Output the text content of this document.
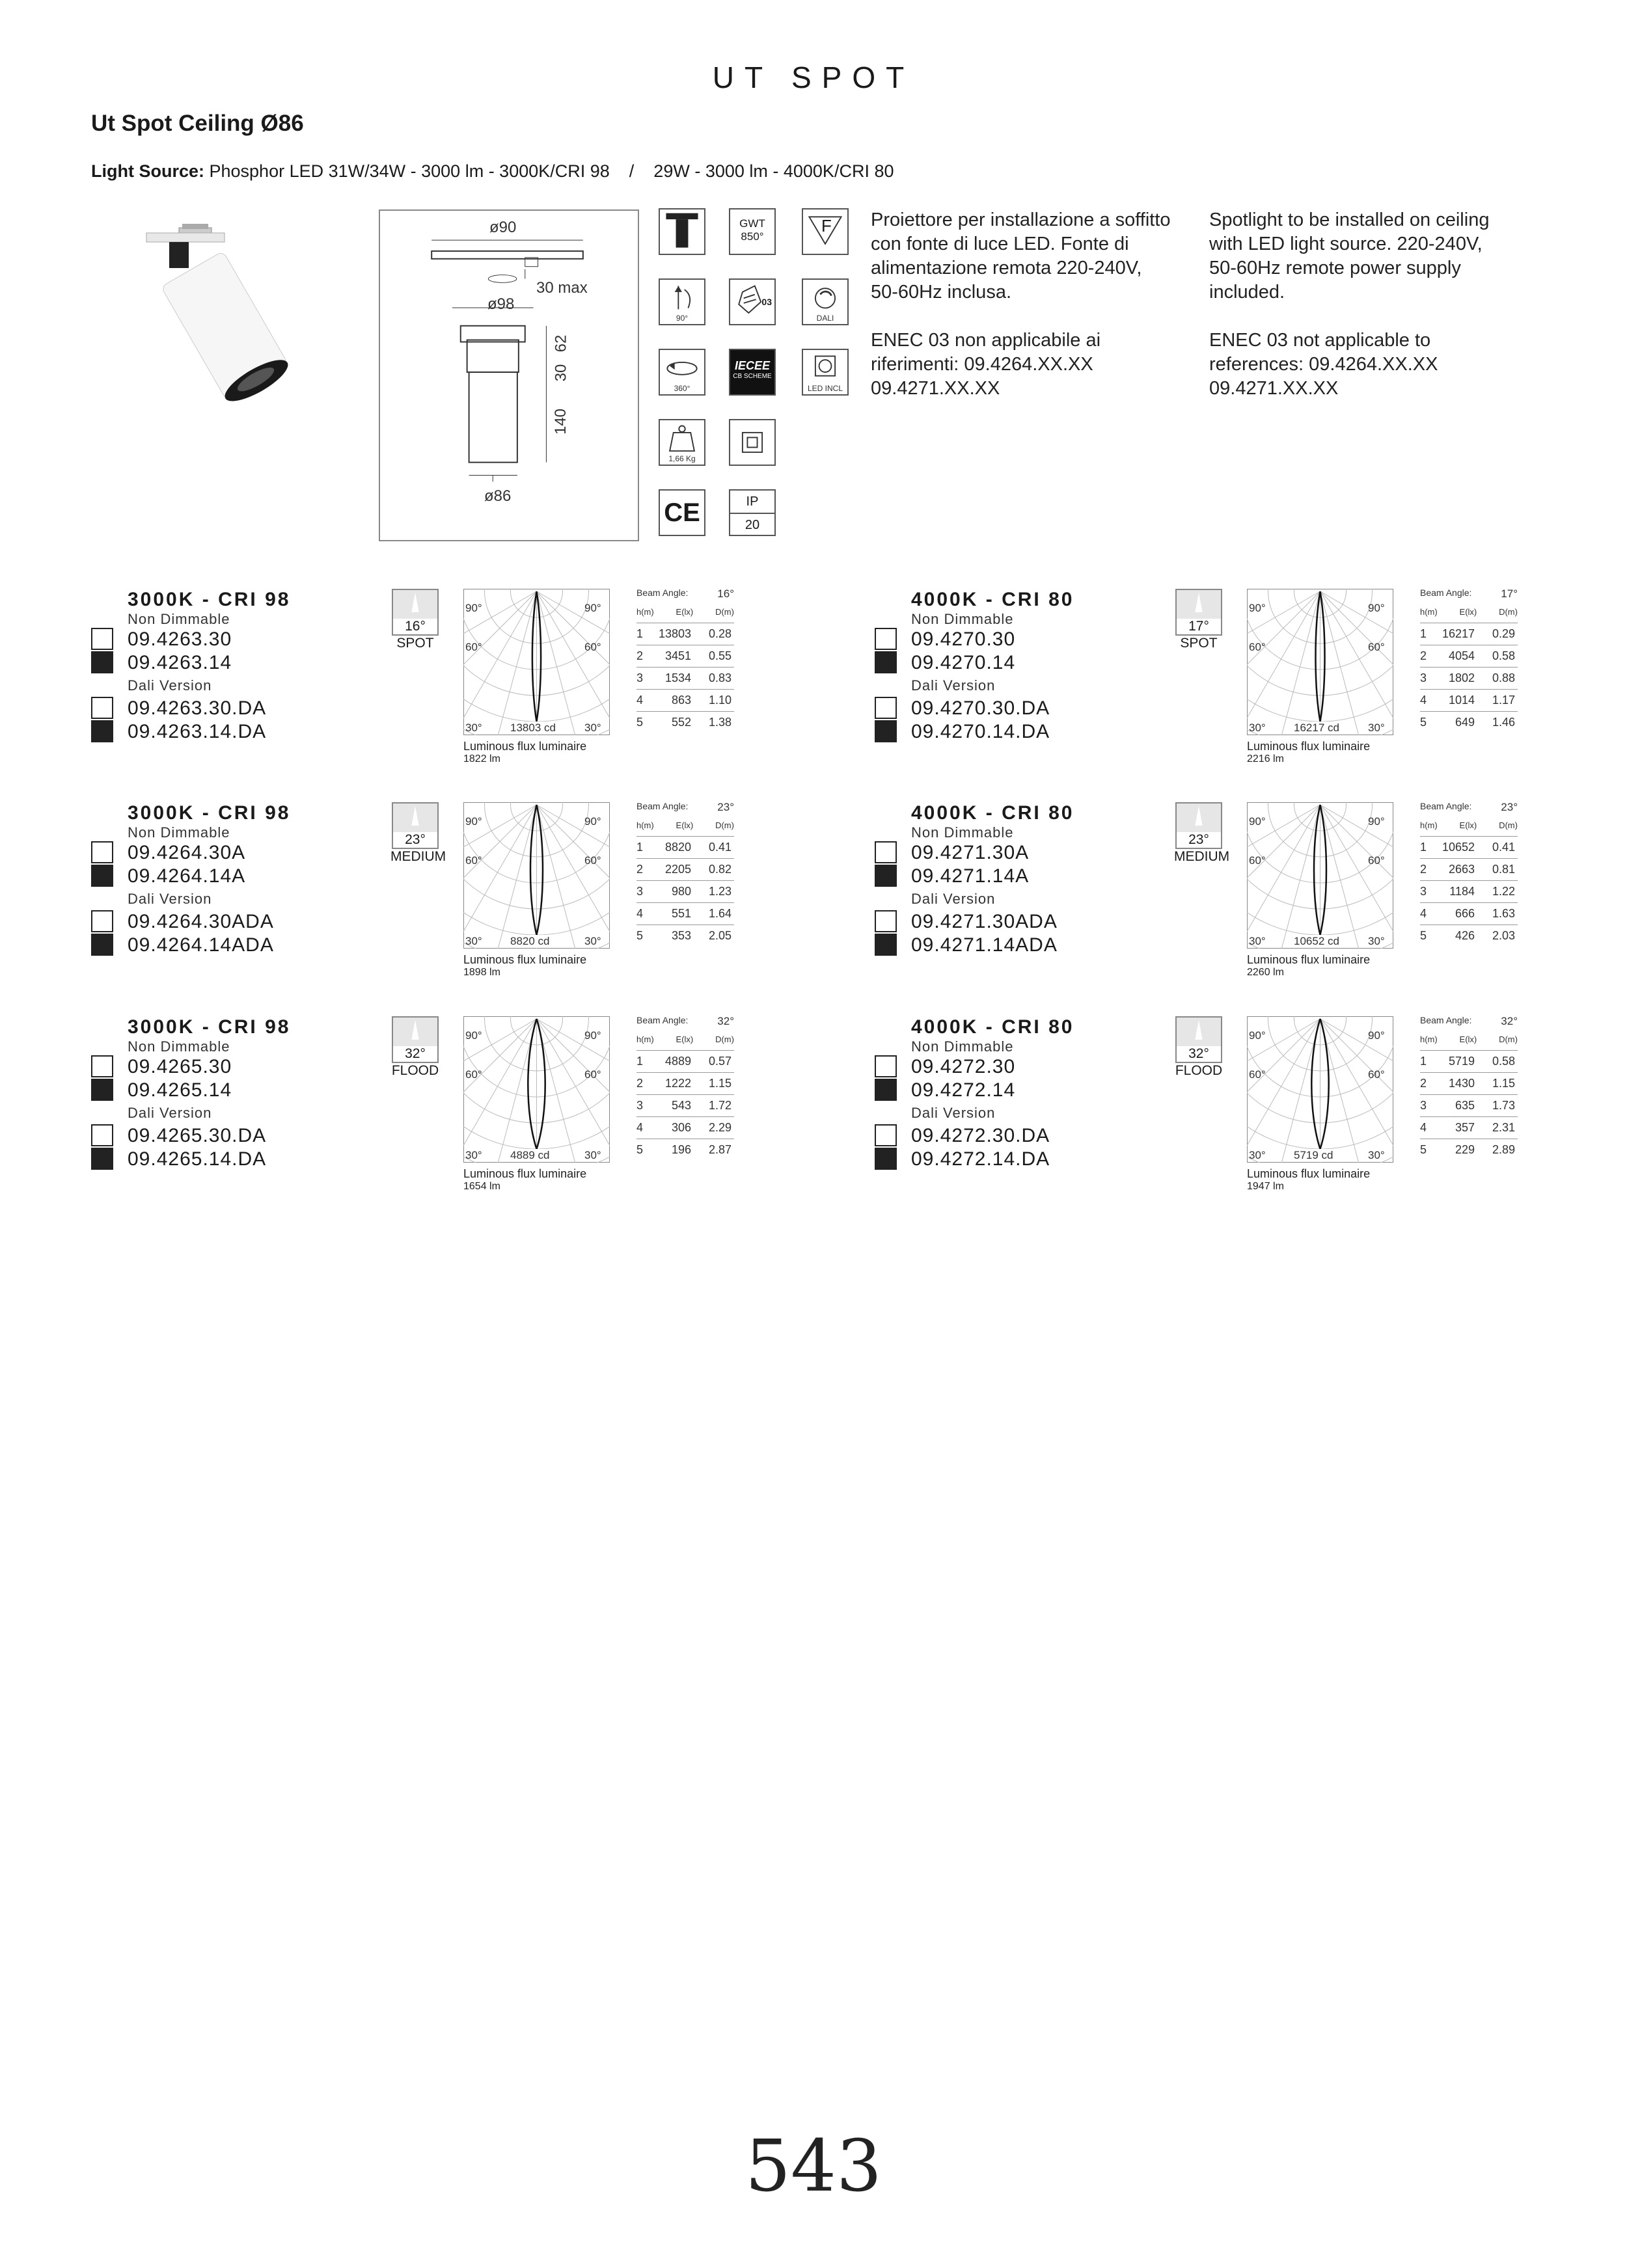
UT SPOT
Ut Spot Ceiling Ø86
Light Source: Phosphor LED 31W/34W - 3000 lm - 3000K/CRI 98    /    29W - 3000 lm - 4000K/CRI 80
ø90
30 max
ø98
30
62
140
ø86
GWT
850°
F
90°
03
DALI
360°
IECEE
CB SCHEME
LED INCL
1,66 Kg
CE	IP
20
Proiettore per installazione a soffitto
con fonte di luce LED. Fonte di
alimentazione remota 220-240V,
50-60Hz inclusa.
Spotlight to be installed on ceiling
with LED light source. 220-240V,
50-60Hz remote power supply
included.
ENEC 03 non applicabile ai
riferimenti: 09.4264.XX.XX
09.4271.XX.XX
ENEC 03 not applicable to
references: 09.4264.XX.XX
09.4271.XX.XX
3000K - CRI 98
Non Dimmable
09.4263.30
09.4263.14
Dali Version
09.4263.30.DA
09.4263.14.DA
16°
SPOT
90°	90°
60°	60°
30°	30°
13803 cd
Luminous flux luminaire
1822 lm
Beam Angle:	16°
h(m)	E(lx)	D(m)
1	13803	0.28
2	3451	0.55
3	1534	0.83
4	863	1.10
5	552	1.38
4000K - CRI 80
Non Dimmable
09.4270.30
09.4270.14
Dali Version
09.4270.30.DA
09.4270.14.DA
17°
SPOT
90°	90°
60°	60°
30°	30°
16217 cd
Luminous flux luminaire
2216 lm
Beam Angle:	17°
h(m)	E(lx)	D(m)
1	16217	0.29
2	4054	0.58
3	1802	0.88
4	1014	1.17
5	649	1.46
3000K - CRI 98
Non Dimmable
09.4264.30A
09.4264.14A
Dali Version
09.4264.30ADA
09.4264.14ADA
23°
MEDIUM
90°	90°
60°	60°
30°	30°
8820 cd
Luminous flux luminaire
1898 lm
Beam Angle:	23°
h(m)	E(lx)	D(m)
1	8820	0.41
2	2205	0.82
3	980	1.23
4	551	1.64
5	353	2.05
4000K - CRI 80
Non Dimmable
09.4271.30A
09.4271.14A
Dali Version
09.4271.30ADA
09.4271.14ADA
23°
MEDIUM
90°	90°
60°	60°
30°	30°
10652 cd
Luminous flux luminaire
2260 lm
Beam Angle:	23°
h(m)	E(lx)	D(m)
1	10652	0.41
2	2663	0.81
3	1184	1.22
4	666	1.63
5	426	2.03
3000K - CRI 98
Non Dimmable
09.4265.30
09.4265.14
Dali Version
09.4265.30.DA
09.4265.14.DA
32°
FLOOD
90°	90°
60°	60°
30°	30°
4889 cd
Luminous flux luminaire
1654 lm
Beam Angle:	32°
h(m)	E(lx)	D(m)
1	4889	0.57
2	1222	1.15
3	543	1.72
4	306	2.29
5	196	2.87
4000K - CRI 80
Non Dimmable
09.4272.30
09.4272.14
Dali Version
09.4272.30.DA
09.4272.14.DA
32°
FLOOD
90°	90°
60°	60°
30°	30°
5719 cd
Luminous flux luminaire
1947 lm
Beam Angle:	32°
h(m)	E(lx)	D(m)
1	5719	0.58
2	1430	1.15
3	635	1.73
4	357	2.31
5	229	2.89
543
